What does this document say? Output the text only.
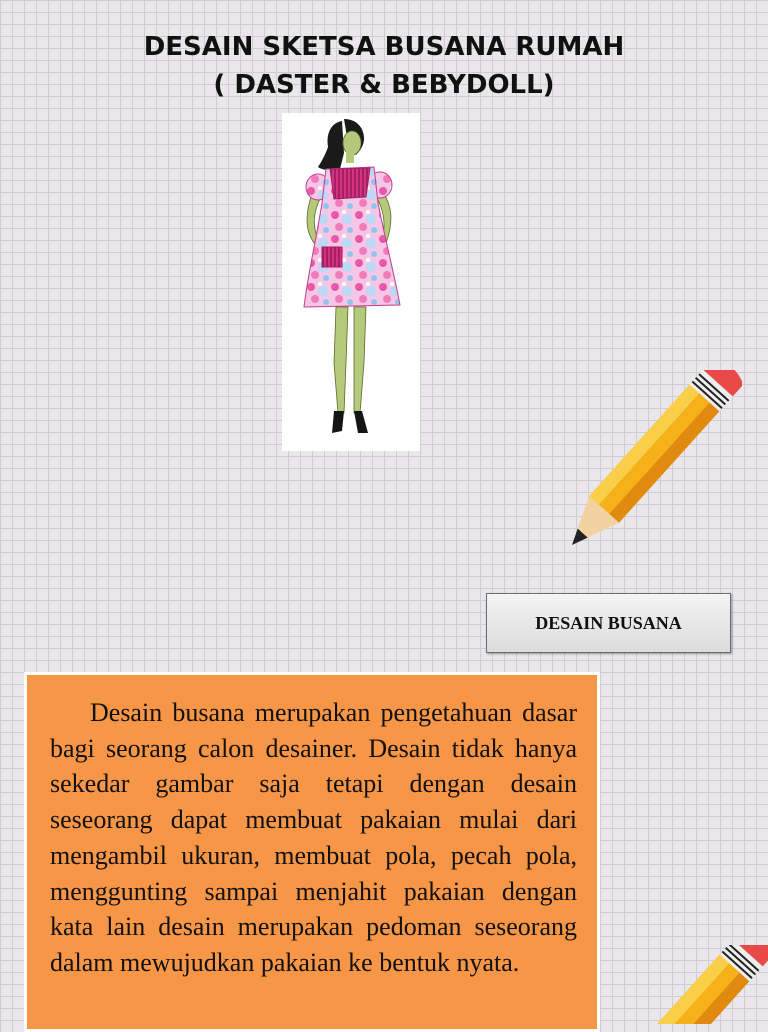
DESAIN SKETSA BUSANA RUMAH
( DASTER & BEBYDOLL)
DESAIN BUSANA

Desain busana merupakan pengetahuan dasar bagi seorang calon desainer. Desain tidak hanya sekedar gambar saja tetapi dengan desain seseorang dapat membuat pakaian mulai dari mengambil ukuran, membuat pola, pecah pola, menggunting sampai menjahit pakaian dengan kata lain desain merupakan pedoman seseorang dalam mewujudkan pakaian ke bentuk nyata.
